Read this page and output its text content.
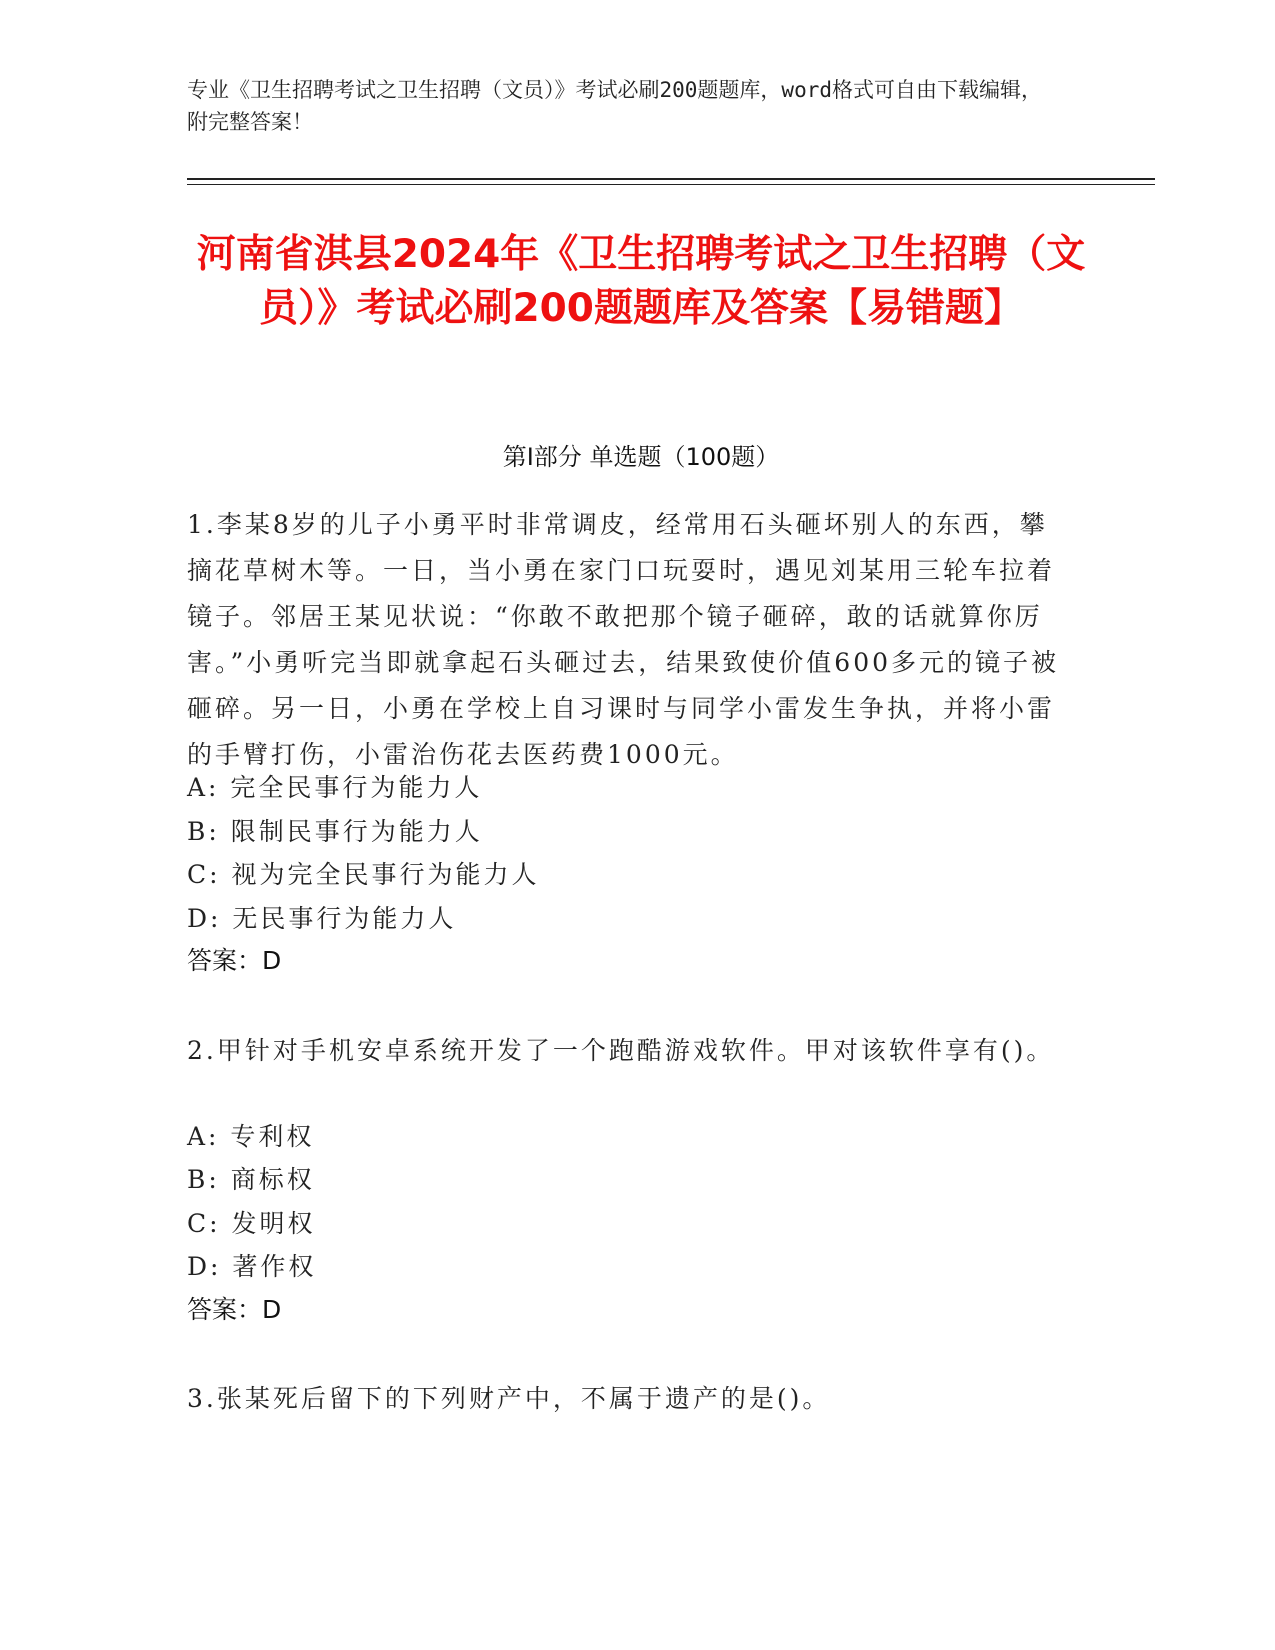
专业《卫生招聘考试之卫生招聘（文员）》考试必刷200题题库，word格式可自由下载编辑，附完整答案！
河南省淇县2024年《卫生招聘考试之卫生招聘（文员）》考试必刷200题题库及答案【易错题】
第I部分 单选题（100题）
1.李某8岁的儿子小勇平时非常调皮，经常用石头砸坏别人的东西，攀摘花草树木等。一日，当小勇在家门口玩耍时，遇见刘某用三轮车拉着镜子。邻居王某见状说：“你敢不敢把那个镜子砸碎，敢的话就算你厉害。”小勇听完当即就拿起石头砸过去，结果致使价值600多元的镜子被砸碎。另一日，小勇在学校上自习课时与同学小雷发生争执，并将小雷的手臂打伤，小雷治伤花去医药费1000元。
A: 完全民事行为能力人
B: 限制民事行为能力人
C: 视为完全民事行为能力人
D: 无民事行为能力人
答案：D
2.甲针对手机安卓系统开发了一个跑酷游戏软件。甲对该软件享有()。
A: 专利权
B: 商标权
C: 发明权
D: 著作权
答案：D
3.张某死后留下的下列财产中，不属于遗产的是()。
